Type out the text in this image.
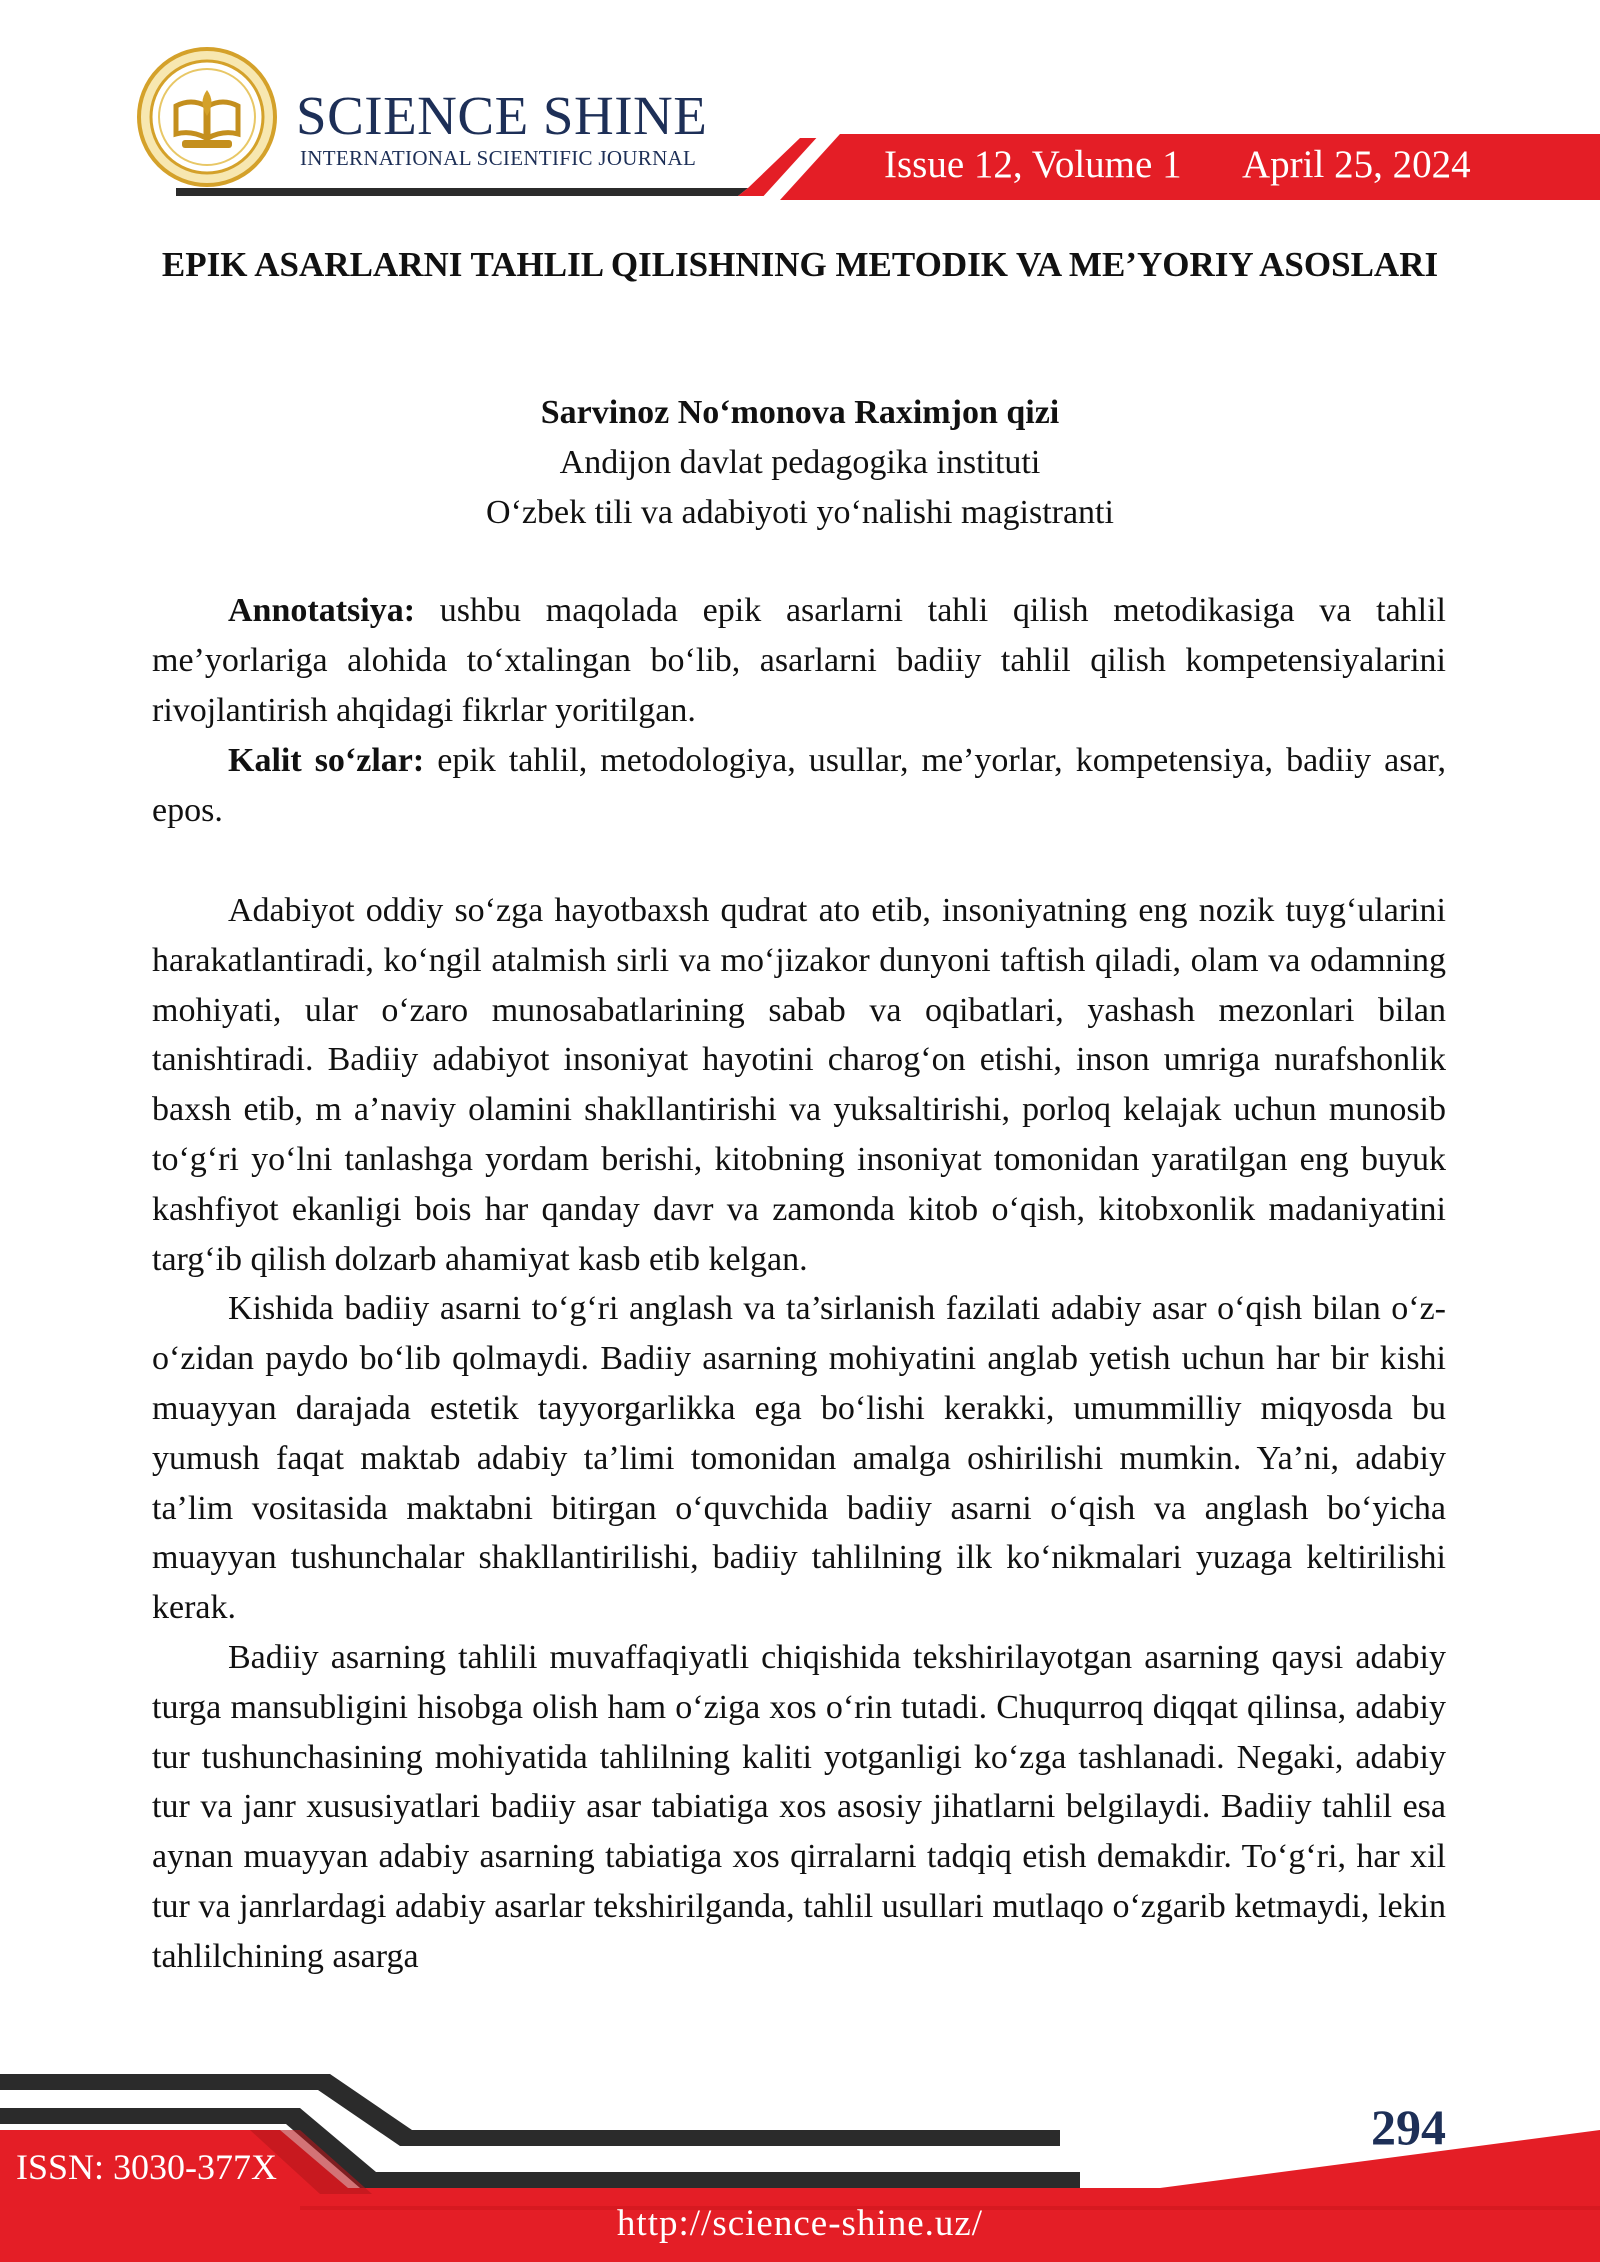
SCIENCE SHINE
INTERNATIONAL SCIENTIFIC JOURNAL	Issue 12, Volume 1 April 25, 2024
EPIK ASARLARNI TAHLIL QILISHNING METODIK VA ME’YORIY ASOSLARI
Sarvinoz No‘monova Raximjon qizi
Andijon davlat pedagogika instituti
O‘zbek tili va adabiyoti yo‘nalishi magistranti

Annotatsiya: ushbu maqolada epik asarlarni tahli qilish metodikasiga va tahlil me’yorlariga alohida to‘xtalingan bo‘lib, asarlarni badiiy tahlil qilish kompetensiyalarini rivojlantirish ahqidagi fikrlar yoritilgan.

Kalit so‘zlar: epik tahlil, metodologiya, usullar, me’yorlar, kompetensiya, badiiy asar, epos.

Adabiyot oddiy so‘zga hayotbaxsh qudrat ato etib, insoniyatning eng nozik tuyg‘ularini harakatlantiradi, ko‘ngil atalmish sirli va mo‘jizakor dunyoni taftish qiladi, olam va odamning mohiyati, ular o‘zaro munosabatlarining sabab va oqibatlari, yashash mezonlari bilan tanishtiradi. Badiiy adabiyot insoniyat hayotini charog‘on etishi, inson umriga nurafshonlik baxsh etib, m a’naviy olamini shakllantirishi va yuksaltirishi, porloq kelajak uchun munosib to‘g‘ri yo‘lni tanlashga yordam berishi, kitobning insoniyat tomonidan yaratilgan eng buyuk kashfiyot ekanligi bois har qanday davr va zamonda kitob o‘qish, kitobxonlik madaniyatini targ‘ib qilish dolzarb ahamiyat kasb etib kelgan.

Kishida badiiy asarni to‘g‘ri anglash va ta’sirlanish fazilati adabiy asar o‘qish bilan o‘z-o‘zidan paydo bo‘lib qolmaydi. Badiiy asarning mohiyatini anglab yetish uchun har bir kishi muayyan darajada estetik tayyorgarlikka ega bo‘lishi kerakki, umummilliy miqyosda bu yumush faqat maktab adabiy ta’limi tomonidan amalga oshirilishi mumkin. Ya’ni, adabiy ta’lim vositasida maktabni bitirgan o‘quvchida badiiy asarni o‘qish va anglash bo‘yicha muayyan tushunchalar shakllantirilishi, badiiy tahlilning ilk ko‘nikmalari yuzaga keltirilishi kerak.

Badiiy asarning tahlili muvaffaqiyatli chiqishida tekshirilayotgan asarning qaysi adabiy turga mansubligini hisobga olish ham o‘ziga xos o‘rin tutadi. Chuqurroq diqqat qilinsa, adabiy tur tushunchasining mohiyatida tahlilning kaliti yotganligi ko‘zga tashlanadi. Negaki, adabiy tur va janr xususiyatlari badiiy asar tabiatiga xos asosiy jihatlarni belgilaydi. Badiiy tahlil esa aynan muayyan adabiy asarning tabiatiga xos qirralarni tadqiq etish demakdir. To‘g‘ri, har xil tur va janrlardagi adabiy asarlar tekshirilganda, tahlil usullari mutlaqo o‘zgarib ketmaydi, lekin tahlilchining asarga

294
ISSN: 3030-377X
http://science-shine.uz/
